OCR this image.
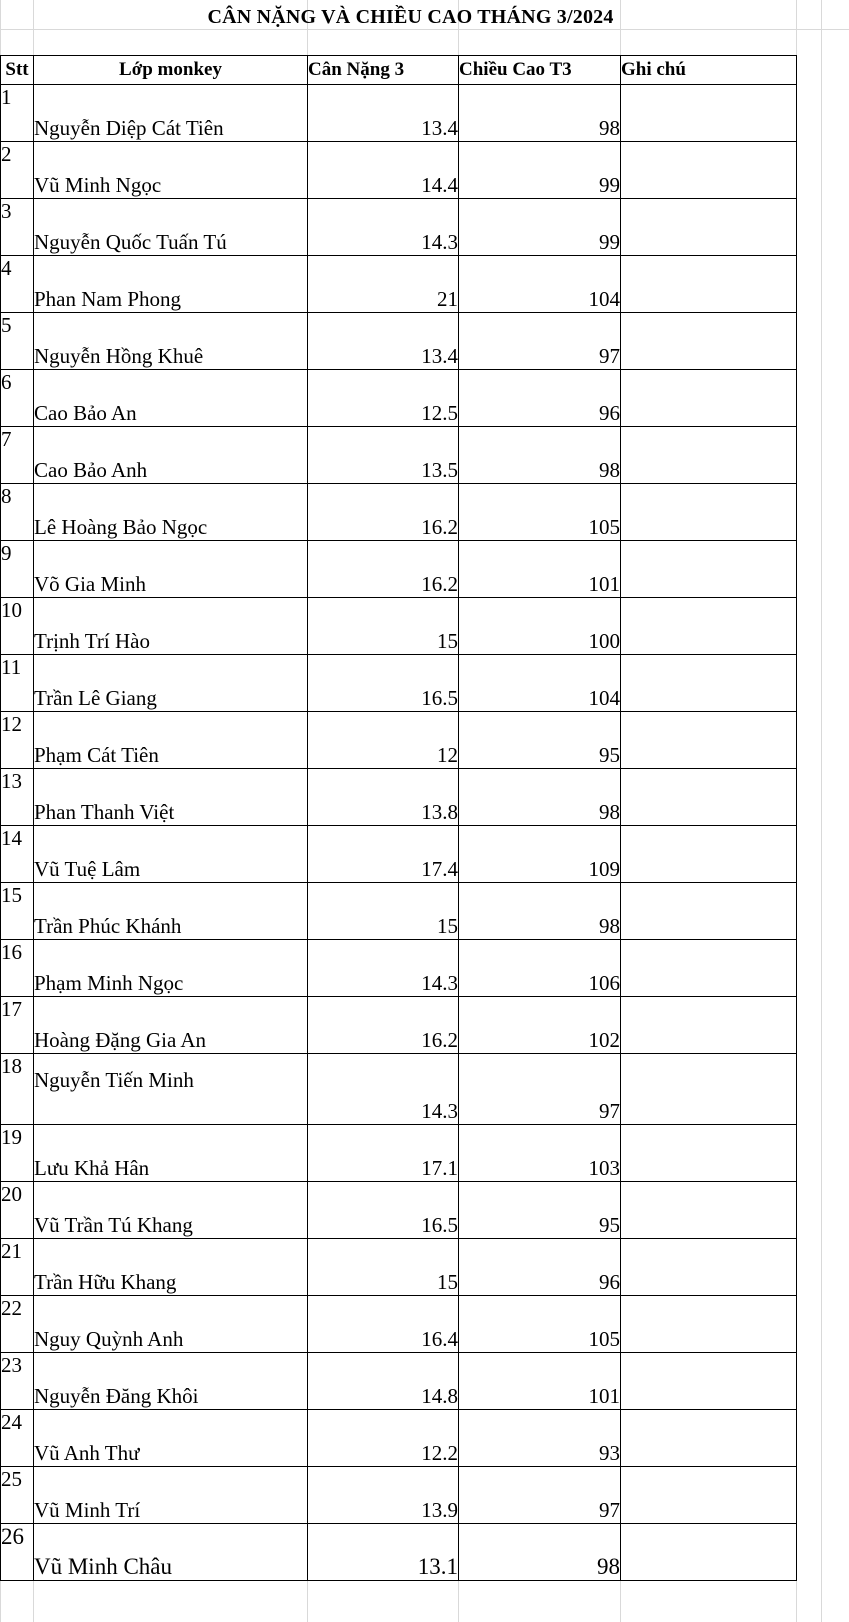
CÂN NẶNG VÀ CHIỀU CAO THÁNG 3/2024
Stt	Lớp monkey	Cân Nặng 3	Chiều Cao T3	Ghi chú
1	Nguyễn Diệp Cát Tiên	13.4	98	
2	Vũ Minh Ngọc	14.4	99	
3	Nguyễn Quốc Tuấn Tú	14.3	99	
4	Phan Nam Phong	21	104	
5	Nguyễn Hồng Khuê	13.4	97	
6	Cao Bảo An	12.5	96	
7	Cao Bảo Anh	13.5	98	
8	Lê Hoàng Bảo Ngọc	16.2	105	
9	Võ Gia Minh	16.2	101	
10	Trịnh Trí Hào	15	100	
11	Trần Lê Giang	16.5	104	
12	Phạm Cát Tiên	12	95	
13	Phan Thanh Việt	13.8	98	
14	Vũ Tuệ Lâm	17.4	109	
15	Trần Phúc Khánh	15	98	
16	Phạm Minh Ngọc	14.3	106	
17	Hoàng Đặng Gia An	16.2	102	
18	Nguyễn Tiến Minh	14.3	97	
19	Lưu Khả Hân	17.1	103	
20	Vũ Trần Tú Khang	16.5	95	
21	Trần Hữu Khang	15	96	
22	Nguy Quỳnh Anh	16.4	105	
23	Nguyễn Đăng Khôi	14.8	101	
24	Vũ Anh Thư	12.2	93	
25	Vũ Minh Trí	13.9	97	
26	Vũ Minh Châu	13.1	98	
